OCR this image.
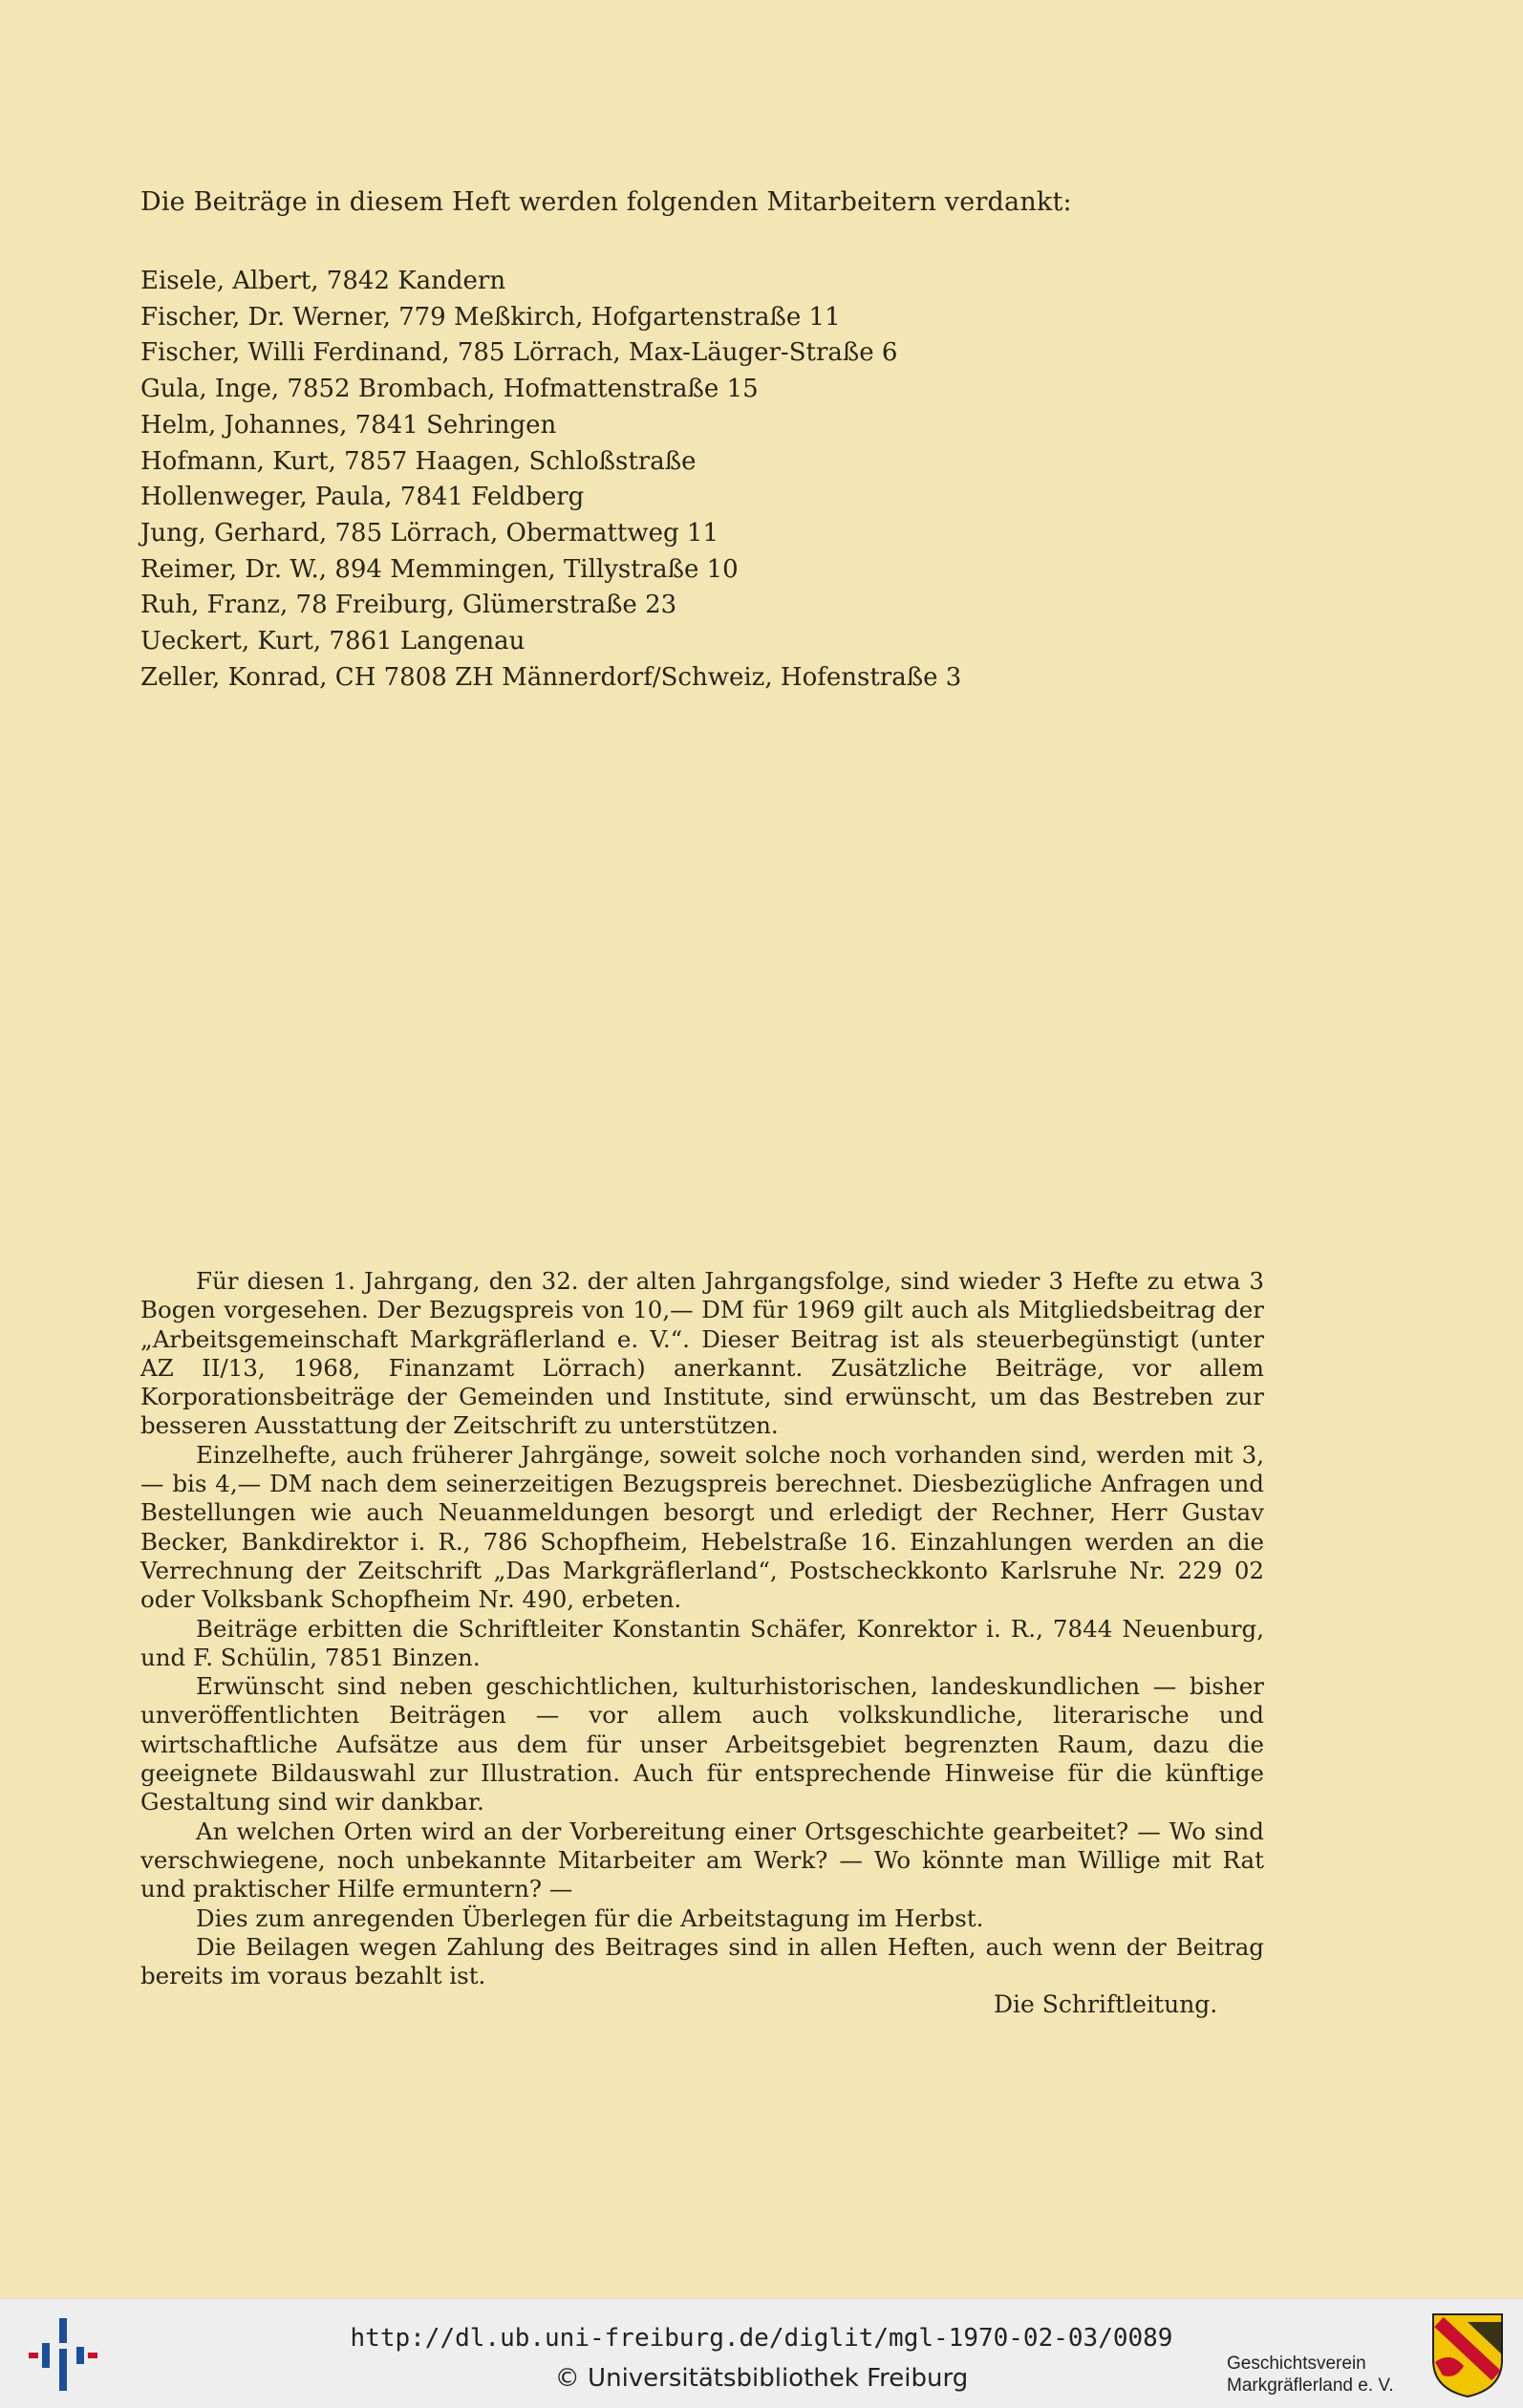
Die Beiträge in diesem Heft werden folgenden Mitarbeitern verdankt:
Eisele, Albert, 7842 Kandern
Fischer, Dr. Werner, 779 Meßkirch, Hofgartenstraße 11
Fischer, Willi Ferdinand, 785 Lörrach, Max-Läuger-Straße 6
Gula, Inge, 7852 Brombach, Hofmattenstraße 15
Helm, Johannes, 7841 Sehringen
Hofmann, Kurt, 7857 Haagen, Schloßstraße
Hollenweger, Paula, 7841 Feldberg
Jung, Gerhard, 785 Lörrach, Obermattweg 11
Reimer, Dr. W., 894 Memmingen, Tillystraße 10
Ruh, Franz, 78 Freiburg, Glümerstraße 23
Ueckert, Kurt, 7861 Langenau
Zeller, Konrad, CH 7808 ZH Männerdorf/Schweiz, Hofenstraße 3

Für diesen 1. Jahrgang, den 32. der alten Jahrgangsfolge, sind wieder 3 Hefte zu etwa 3 Bogen vorgesehen. Der Bezugspreis von 10,— DM für 1969 gilt auch als Mitgliedsbeitrag der „Arbeitsgemeinschaft Markgräflerland e. V.“. Dieser Beitrag ist als steuerbegünstigt (unter AZ II/13, 1968, Finanzamt Lörrach) anerkannt. Zusätzliche Beiträge, vor allem Korporationsbeiträge der Gemeinden und Institute, sind erwünscht, um das Bestreben zur besseren Ausstattung der Zeitschrift zu unterstützen.

Einzelhefte, auch früherer Jahrgänge, soweit solche noch vorhanden sind, werden mit 3,— bis 4,— DM nach dem seinerzeitigen Bezugspreis berechnet. Diesbezügliche Anfragen und Bestellungen wie auch Neuanmeldungen besorgt und erledigt der Rechner, Herr Gustav Becker, Bankdirektor i. R., 786 Schopfheim, Hebelstraße 16. Einzahlungen werden an die Verrechnung der Zeitschrift „Das Markgräflerland“, Postscheckkonto Karlsruhe Nr. 229 02 oder Volksbank Schopfheim Nr. 490, erbeten.

Beiträge erbitten die Schriftleiter Konstantin Schäfer, Konrektor i. R., 7844 Neuenburg, und F. Schülin, 7851 Binzen.

Erwünscht sind neben geschichtlichen, kulturhistorischen, landeskundlichen — bisher unveröffentlichten Beiträgen — vor allem auch volkskundliche, literarische und wirtschaftliche Aufsätze aus dem für unser Arbeitsgebiet begrenzten Raum, dazu die geeignete Bildauswahl zur Illustration. Auch für entsprechende Hinweise für die künftige Gestaltung sind wir dankbar.

An welchen Orten wird an der Vorbereitung einer Ortsgeschichte gearbeitet? — Wo sind verschwiegene, noch unbekannte Mitarbeiter am Werk? — Wo könnte man Willige mit Rat und praktischer Hilfe ermuntern? —

Dies zum anregenden Überlegen für die Arbeitstagung im Herbst.

Die Beilagen wegen Zahlung des Beitrages sind in allen Heften, auch wenn der Beitrag bereits im voraus bezahlt ist.

Die Schriftleitung.
http://dl.ub.uni-freiburg.de/diglit/mgl-1970-02-03/0089
© Universitätsbibliothek Freiburg
Geschichtsverein
Markgräflerland e. V.
